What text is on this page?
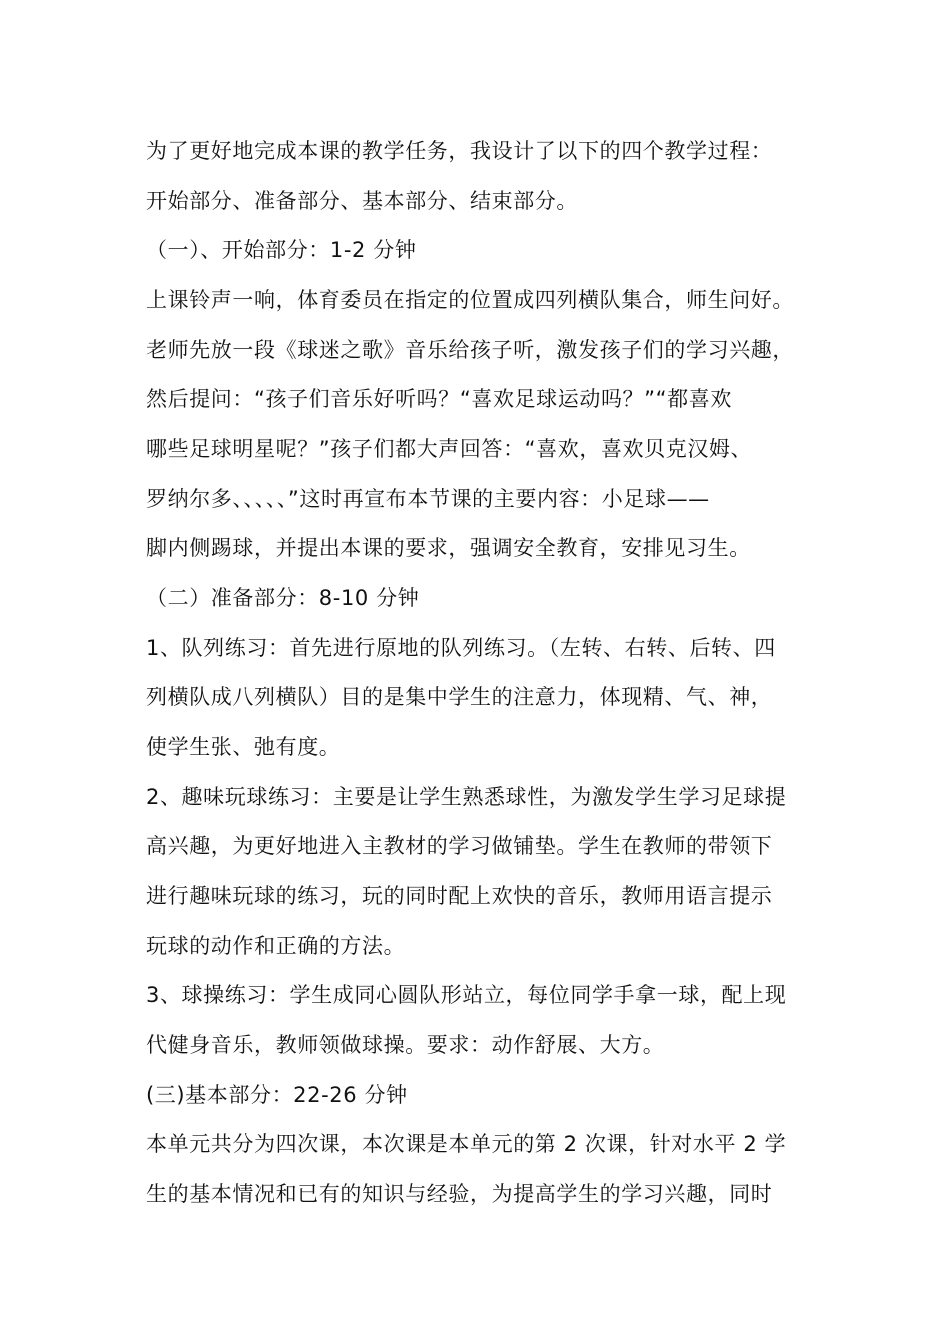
为了更好地完成本课的教学任务，我设计了以下的四个教学过程：
开始部分、准备部分、基本部分、结束部分。
（一）、开始部分：1-2 分钟
上课铃声一响，体育委员在指定的位置成四列横队集合，师生问好。
老师先放一段《球迷之歌》音乐给孩子听，激发孩子们的学习兴趣，
然后提问：“孩子们音乐好听吗？“喜欢足球运动吗？”“都喜欢
哪些足球明星呢？”孩子们都大声回答：“喜欢，喜欢贝克汉姆、
罗纳尔多、、、、、”这时再宣布本节课的主要内容：小足球——
脚内侧踢球，并提出本课的要求，强调安全教育，安排见习生。
（二）准备部分：8-10 分钟
1、队列练习：首先进行原地的队列练习。（左转、右转、后转、四
列横队成八列横队）目的是集中学生的注意力，体现精、气、神，
使学生张、弛有度。
2、趣味玩球练习：主要是让学生熟悉球性，为激发学生学习足球提
高兴趣，为更好地进入主教材的学习做铺垫。学生在教师的带领下
进行趣味玩球的练习，玩的同时配上欢快的音乐，教师用语言提示
玩球的动作和正确的方法。
3、球操练习：学生成同心圆队形站立，每位同学手拿一球，配上现
代健身音乐，教师领做球操。要求：动作舒展、大方。
(三)基本部分：22-26 分钟
本单元共分为四次课，本次课是本单元的第 2 次课，针对水平 2 学
生的基本情况和已有的知识与经验，为提高学生的学习兴趣，同时
